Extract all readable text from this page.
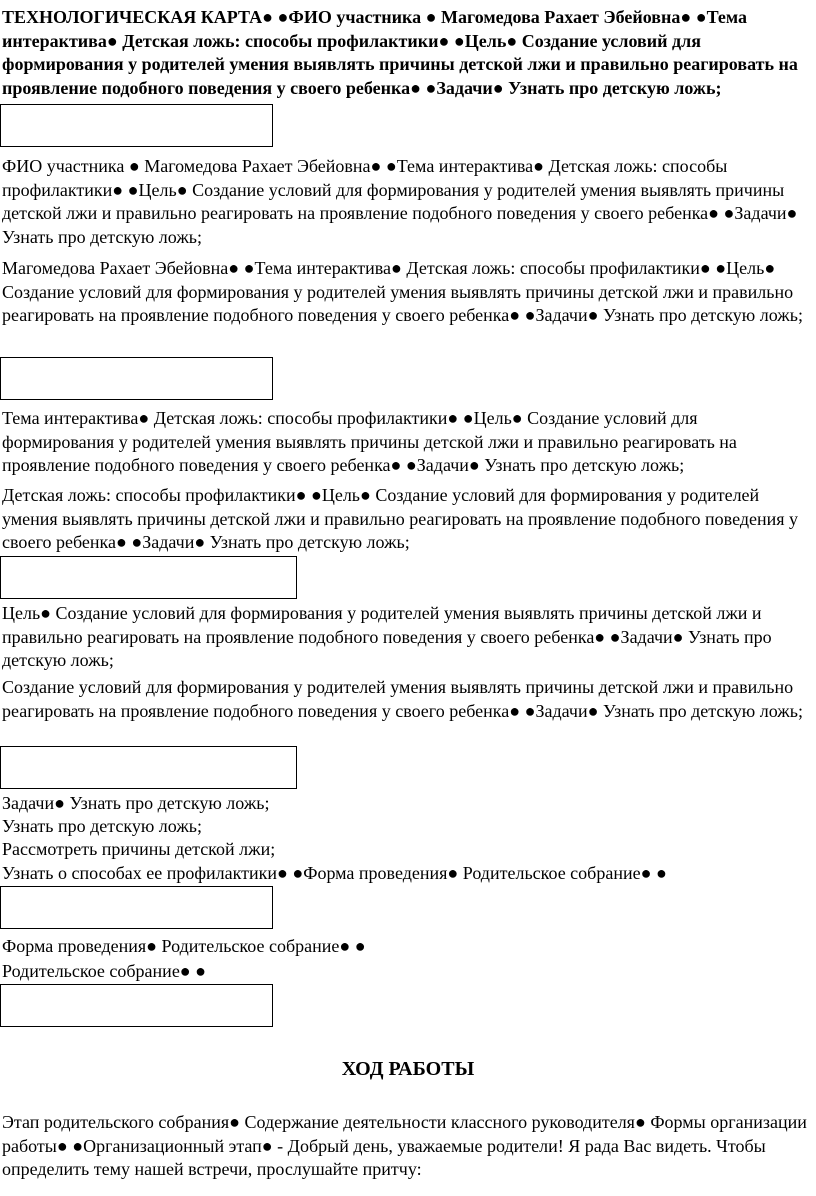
ТЕХНОЛОГИЧЕСКАЯ КАРТА● ●ФИО участника ● Магомедова Рахает Эбейовна● ●Тема интерактива● Детская ложь: способы профилактики● ●Цель● Создание условий для формирования у родителей умения выявлять причины детской лжи и правильно реагировать на проявление подобного поведения у своего ребенка● ●Задачи● Узнать про детскую ложь;

ФИО участника ● Магомедова Рахает Эбейовна● ●Тема интерактива● Детская ложь: способы профилактики● ●Цель● Создание условий для формирования у родителей умения выявлять причины детской лжи и правильно реагировать на проявление подобного поведения у своего ребенка● ●Задачи● Узнать про детскую ложь;

Магомедова Рахает Эбейовна● ●Тема интерактива● Детская ложь: способы профилактики● ●Цель● Создание условий для формирования у родителей умения выявлять причины детской лжи и правильно реагировать на проявление подобного поведения у своего ребенка● ●Задачи● Узнать про детскую ложь;

Тема интерактива● Детская ложь: способы профилактики● ●Цель● Создание условий для формирования у родителей умения выявлять причины детской лжи и правильно реагировать на проявление подобного поведения у своего ребенка● ●Задачи● Узнать про детскую ложь;

Детская ложь: способы профилактики● ●Цель● Создание условий для формирования у родителей умения выявлять причины детской лжи и правильно реагировать на проявление подобного поведения у своего ребенка● ●Задачи● Узнать про детскую ложь;

Цель● Создание условий для формирования у родителей умения выявлять причины детской лжи и правильно реагировать на проявление подобного поведения у своего ребенка● ●Задачи● Узнать про детскую ложь;

Создание условий для формирования у родителей умения выявлять причины детской лжи и правильно реагировать на проявление подобного поведения у своего ребенка● ●Задачи● Узнать про детскую ложь;

Задачи● Узнать про детскую ложь;

Узнать про детскую ложь;

Рассмотреть причины детской лжи;

Узнать о способах ее профилактики● ●Форма проведения● Родительское собрание● ●

Форма проведения● Родительское собрание● ●

Родительское собрание● ●

ХОД РАБОТЫ

Этап родительского собрания● Содержание деятельности классного руководителя● Формы организации работы● ●Организационный этап● - Добрый день, уважаемые родители! Я рада Вас видеть. Чтобы определить тему нашей встречи, прослушайте притчу:
